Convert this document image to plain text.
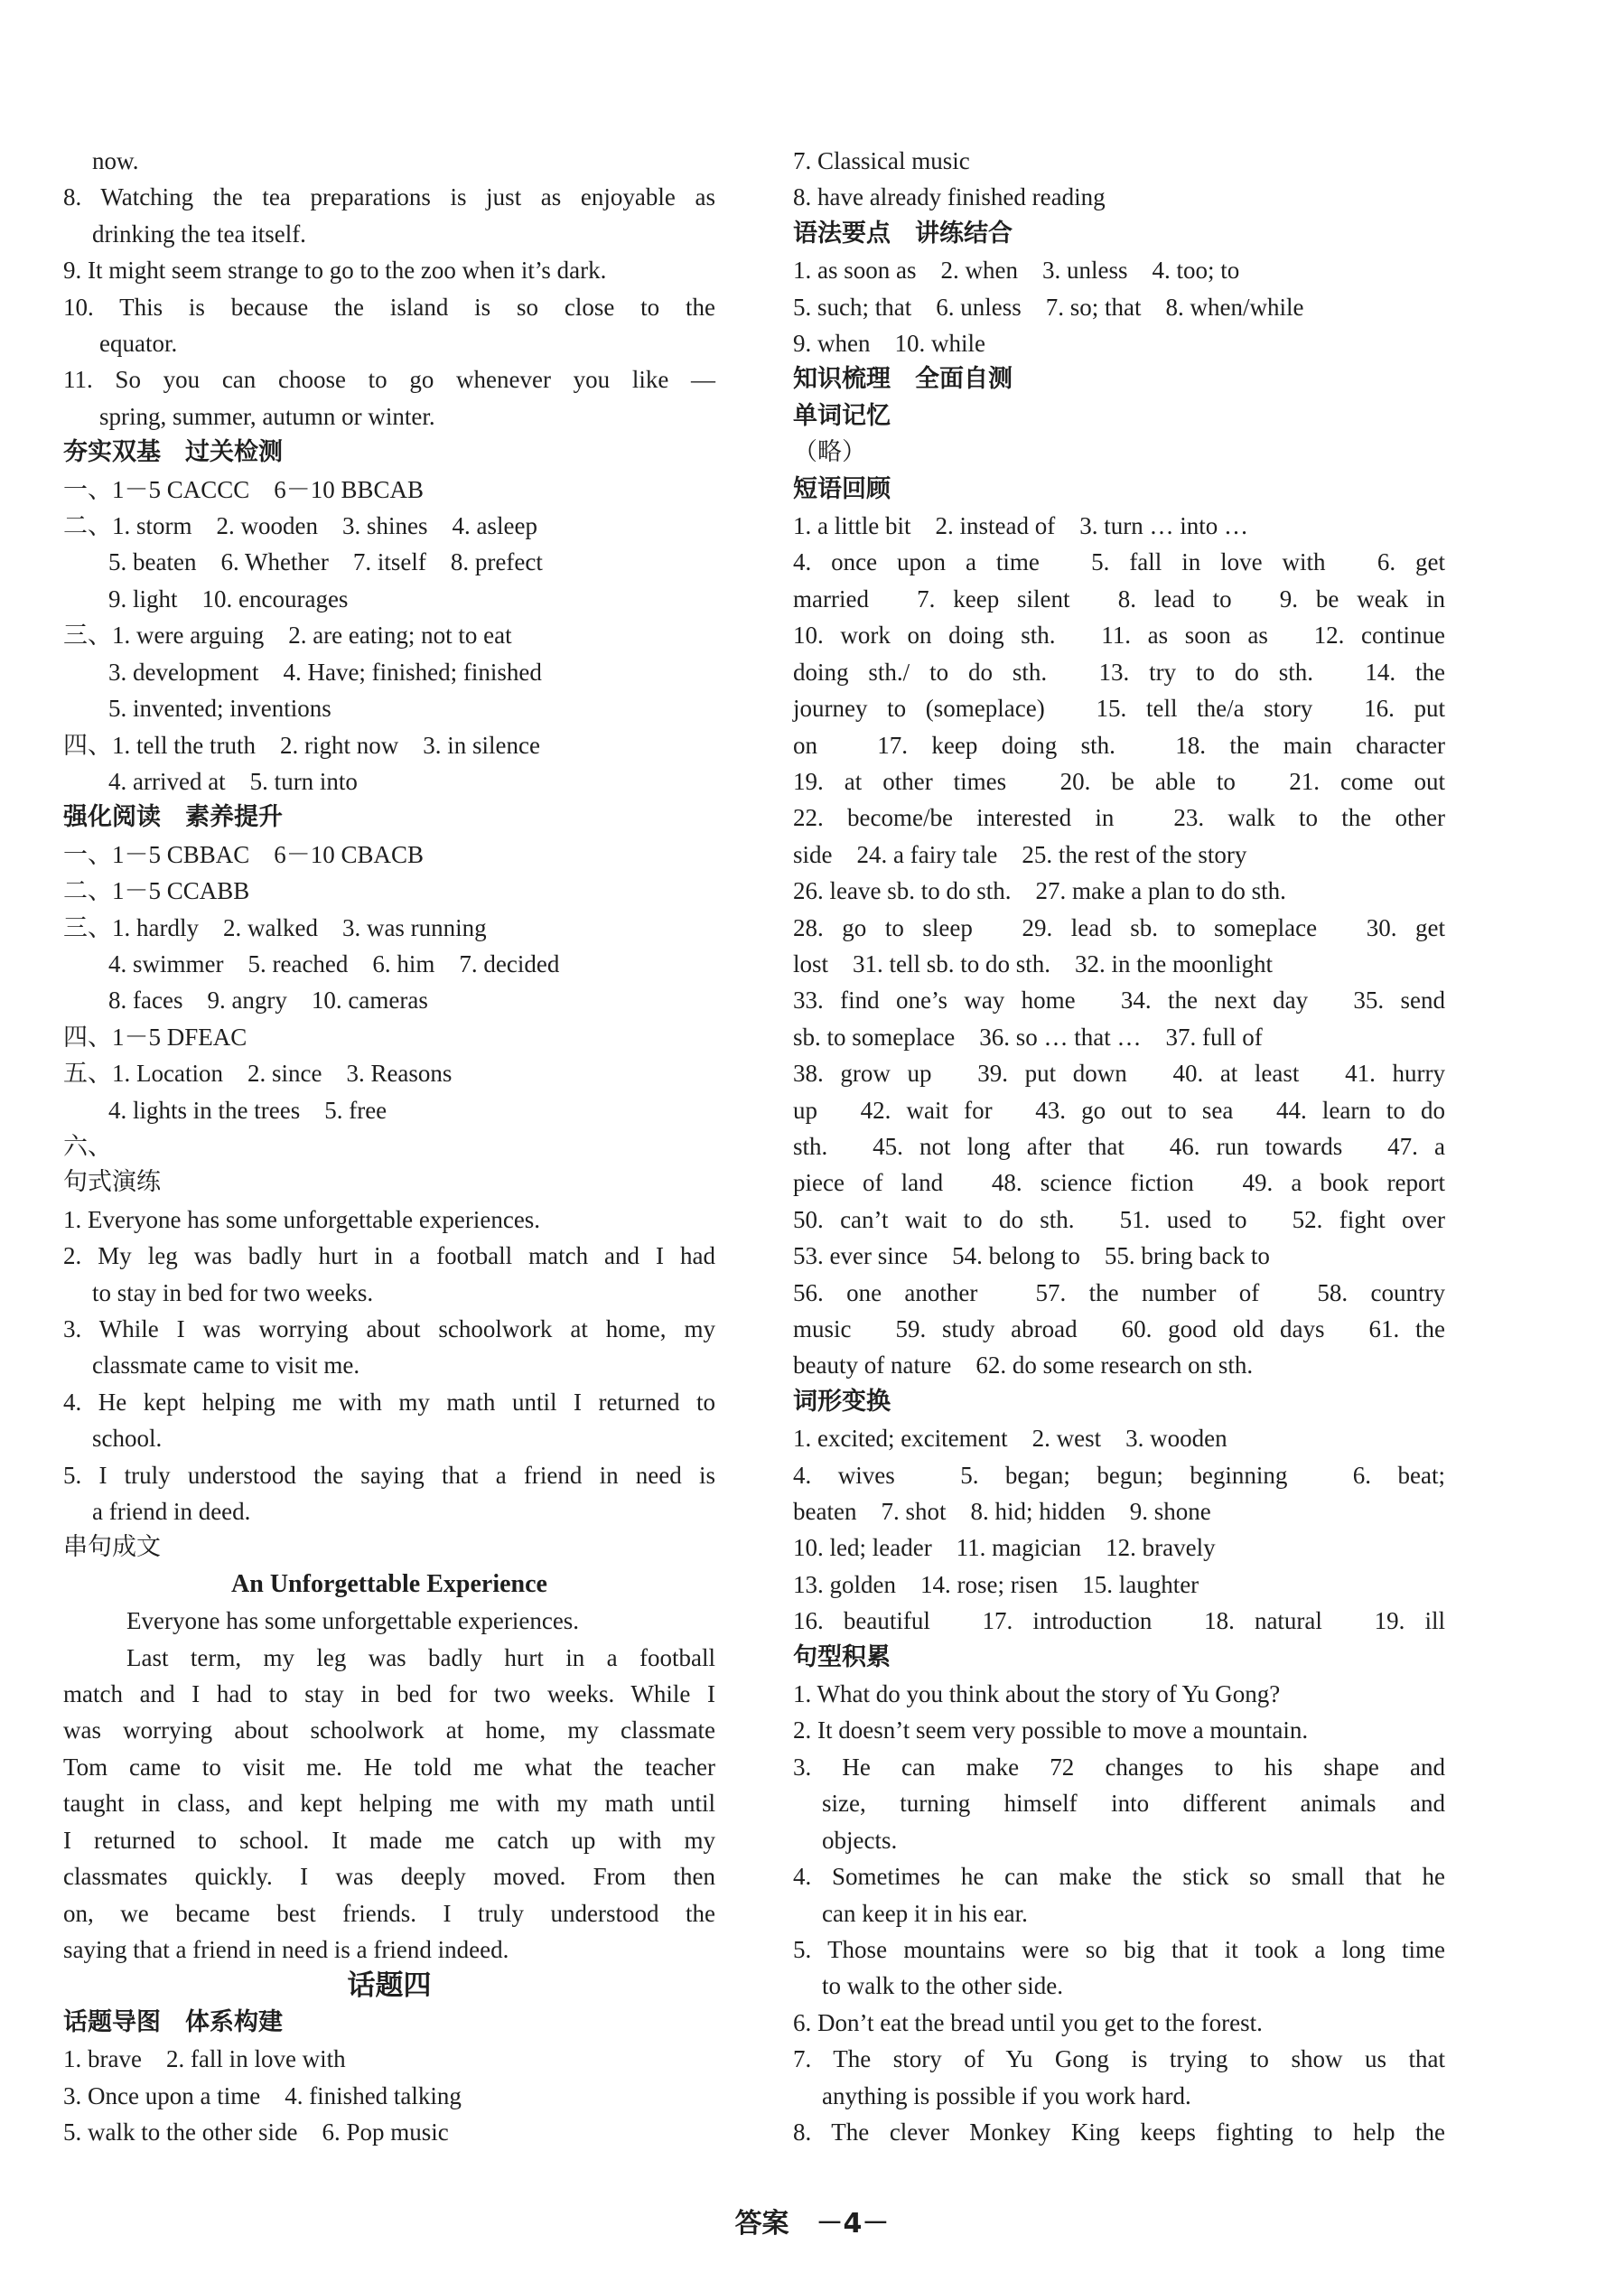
now.
8. Watching the tea preparations is just as enjoyable as
drinking the tea itself.
9. It might seem strange to go to the zoo when it’s dark.
10. This is because the island is so close to the
equator.
11. So you can choose to go whenever you like —
spring, summer, autumn or winter.
夯实双基　过关检测
一、1－5 CACCC　6－10 BBCAB
二、1. storm　2. wooden　3. shines　4. asleep
5. beaten　6. Whether　7. itself　8. prefect
9. light　10. encourages
三、1. were arguing　2. are eating; not to eat
3. development　4. Have; finished; finished
5. invented; inventions
四、1. tell the truth　2. right now　3. in silence
4. arrived at　5. turn into
强化阅读　素养提升
一、1－5 CBBAC　6－10 CBACB
二、1－5 CCABB
三、1. hardly　2. walked　3. was running
4. swimmer　5. reached　6. him　7. decided
8. faces　9. angry　10. cameras
四、1－5 DFEAC
五、1. Location　2. since　3. Reasons
4. lights in the trees　5. free
六、
句式演练
1. Everyone has some unforgettable experiences.
2. My leg was badly hurt in a football match and I had
to stay in bed for two weeks.
3. While I was worrying about schoolwork at home, my
classmate came to visit me.
4. He kept helping me with my math until I returned to
school.
5. I truly understood the saying that a friend in need is
a friend in deed.
串句成文
An Unforgettable Experience
Everyone has some unforgettable experiences.
Last term, my leg was badly hurt in a football
match and I had to stay in bed for two weeks. While I
was worrying about schoolwork at home, my classmate
Tom came to visit me. He told me what the teacher
taught in class, and kept helping me with my math until
I returned to school. It made me catch up with my
classmates quickly. I was deeply moved. From then
on, we became best friends. I truly understood the
saying that a friend in need is a friend indeed.
话题四
话题导图　体系构建
1. brave　2. fall in love with
3. Once upon a time　4. finished talking
5. walk to the other side　6. Pop music
7. Classical music
8. have already finished reading
语法要点　讲练结合
1. as soon as　2. when　3. unless　4. too; to
5. such; that　6. unless　7. so; that　8. when/while
9. when　10. while
知识梳理　全面自测
单词记忆
（略）
短语回顾
1. a little bit　2. instead of　3. turn … into …
4. once upon a time　5. fall in love with　6. get
married　7. keep silent　8. lead to　9. be weak in
10. work on doing sth.　11. as soon as　12. continue
doing sth./ to do sth.　13. try to do sth.　14. the
journey to (someplace)　15. tell the/a story　16. put
on　17. keep doing sth.　18. the main character
19. at other times　20. be able to　21. come out
22. become/be interested in　23. walk to the other
side　24. a fairy tale　25. the rest of the story
26. leave sb. to do sth.　27. make a plan to do sth.
28. go to sleep　29. lead sb. to someplace　30. get
lost　31. tell sb. to do sth.　32. in the moonlight
33. find one’s way home　34. the next day　35. send
sb. to someplace　36. so … that …　37. full of
38. grow up　39. put down　40. at least　41. hurry
up　42. wait for　43. go out to sea　44. learn to do
sth.　45. not long after that　46. run towards　47. a
piece of land　48. science fiction　49. a book report
50. can’t wait to do sth.　51. used to　52. fight over
53. ever since　54. belong to　55. bring back to
56. one another　57. the number of　58. country
music　59. study abroad　60. good old days　61. the
beauty of nature　62. do some research on sth.
词形变换
1. excited; excitement　2. west　3. wooden
4. wives　5. began; begun; beginning　6. beat;
beaten　7. shot　8. hid; hidden　9. shone
10. led; leader　11. magician　12. bravely
13. golden　14. rose; risen　15. laughter
16. beautiful　17. introduction　18. natural　19. ill
句型积累
1. What do you think about the story of Yu Gong?
2. It doesn’t seem very possible to move a mountain.
3. He can make 72 changes to his shape and
size, turning himself into different animals and
objects.
4. Sometimes he can make the stick so small that he
can keep it in his ear.
5. Those mountains were so big that it took a long time
to walk to the other side.
6. Don’t eat the bread until you get to the forest.
7. The story of Yu Gong is trying to show us that
anything is possible if you work hard.
8. The clever Monkey King keeps fighting to help the
答案　－4－
